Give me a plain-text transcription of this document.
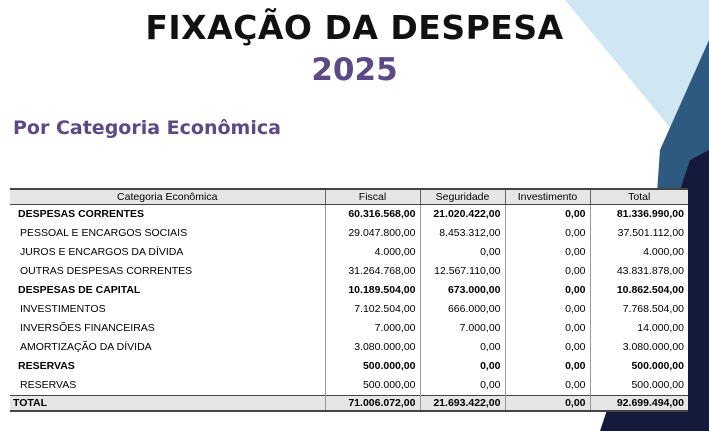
FIXAÇÃO DA DESPESA
2025
Por Categoria Econômica
Categoria Econômica	Fiscal	Seguridade	Investimento	Total
DESPESAS CORRENTES	60.316.568,00	21.020.422,00	0,00	81.336.990,00
PESSOAL E ENCARGOS SOCIAIS	29.047.800,00	8.453.312,00	0,00	37.501.112,00
JUROS E ENCARGOS DA DÍVIDA	4.000,00	0,00	0,00	4.000,00
OUTRAS DESPESAS CORRENTES	31.264.768,00	12.567.110,00	0,00	43.831.878,00
DESPESAS DE CAPITAL	10.189.504,00	673.000,00	0,00	10.862.504,00
INVESTIMENTOS	7.102.504,00	666.000,00	0,00	7.768.504,00
INVERSÕES FINANCEIRAS	7.000,00	7.000,00	0,00	14.000,00
AMORTIZAÇÃO DA DÍVIDA	3.080.000,00	0,00	0,00	3.080.000,00
RESERVAS	500.000,00	0,00	0,00	500.000,00
RESERVAS	500.000,00	0,00	0,00	500.000,00
TOTAL	71.006.072,00	21.693.422,00	0,00	92.699.494,00
